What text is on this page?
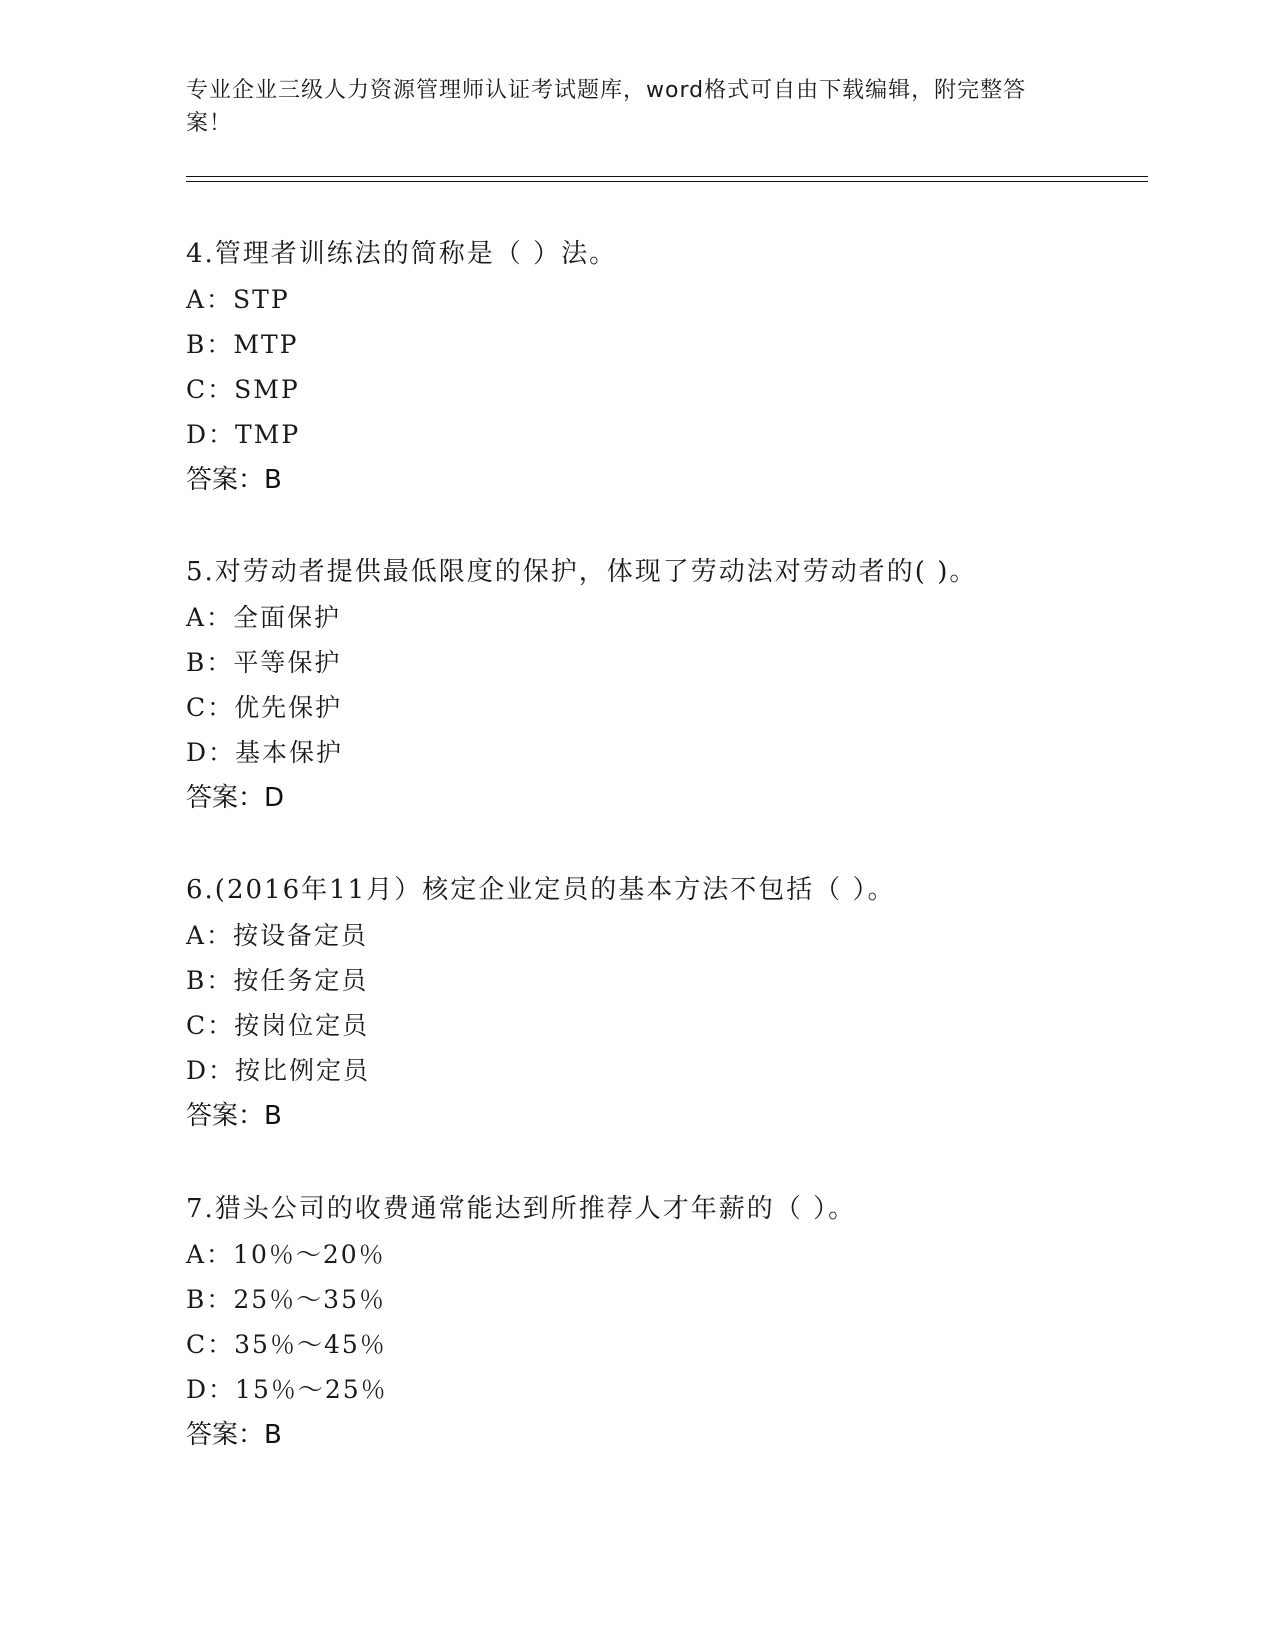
专业企业三级人力资源管理师认证考试题库，word格式可自由下载编辑，附完整答案！
4.管理者训练法的简称是（ ）法。
A：STP
B：MTP
C：SMP
D：TMP
答案：B
5.对劳动者提供最低限度的保护，体现了劳动法对劳动者的( )。
A：全面保护
B：平等保护
C：优先保护
D：基本保护
答案：D
6.(2016年11月）核定企业定员的基本方法不包括（ ）。
A：按设备定员
B：按任务定员
C：按岗位定员
D：按比例定员
答案：B
7.猎头公司的收费通常能达到所推荐人才年薪的（ ）。
A：10％～20％
B：25％～35％
C：35％～45％
D：15％～25％
答案：B
